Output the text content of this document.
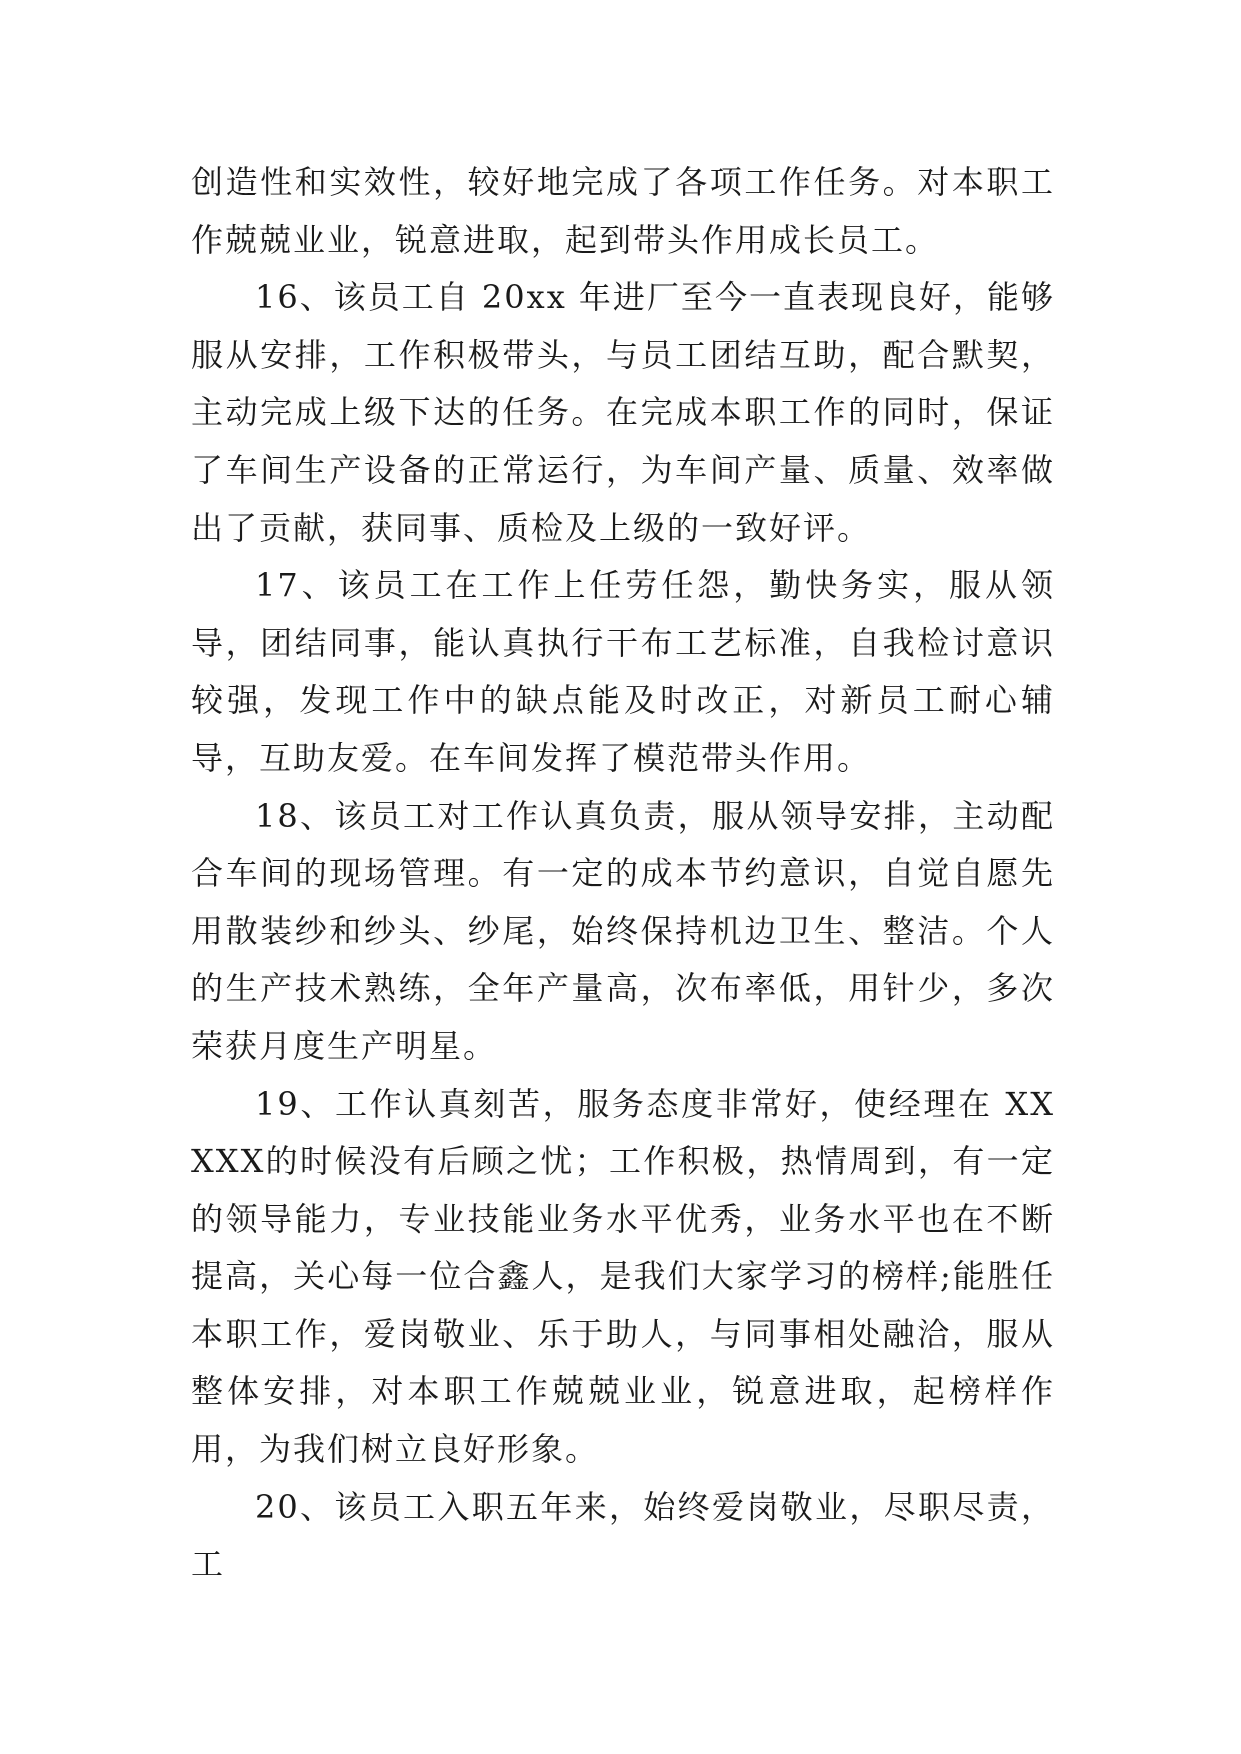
创造性和实效性，较好地完成了各项工作任务。对本职工作兢兢业业，锐意进取，起到带头作用成长员工。

16、该员工自 20xx 年进厂至今一直表现良好，能够服从安排，工作积极带头，与员工团结互助，配合默契，主动完成上级下达的任务。在完成本职工作的同时，保证了车间生产设备的正常运行，为车间产量、质量、效率做出了贡献，获同事、质检及上级的一致好评。

17、该员工在工作上任劳任怨，勤快务实，服从领导，团结同事，能认真执行干布工艺标准，自我检讨意识较强，发现工作中的缺点能及时改正，对新员工耐心辅导，互助友爱。在车间发挥了模范带头作用。

18、该员工对工作认真负责，服从领导安排，主动配合车间的现场管理。有一定的成本节约意识，自觉自愿先用散装纱和纱头、纱尾，始终保持机边卫生、整洁。个人的生产技术熟练，全年产量高，次布率低，用针少，多次荣获月度生产明星。

19、工作认真刻苦，服务态度非常好，使经理在 XXXXX的时候没有后顾之忧；工作积极，热情周到，有一定的领导能力，专业技能业务水平优秀，业务水平也在不断提高，关心每一位合鑫人，是我们大家学习的榜样;能胜任本职工作，爱岗敬业、乐于助人，与同事相处融洽，服从整体安排，对本职工作兢兢业业，锐意进取，起榜样作用，为我们树立良好形象。

20、该员工入职五年来，始终爱岗敬业，尽职尽责，工
